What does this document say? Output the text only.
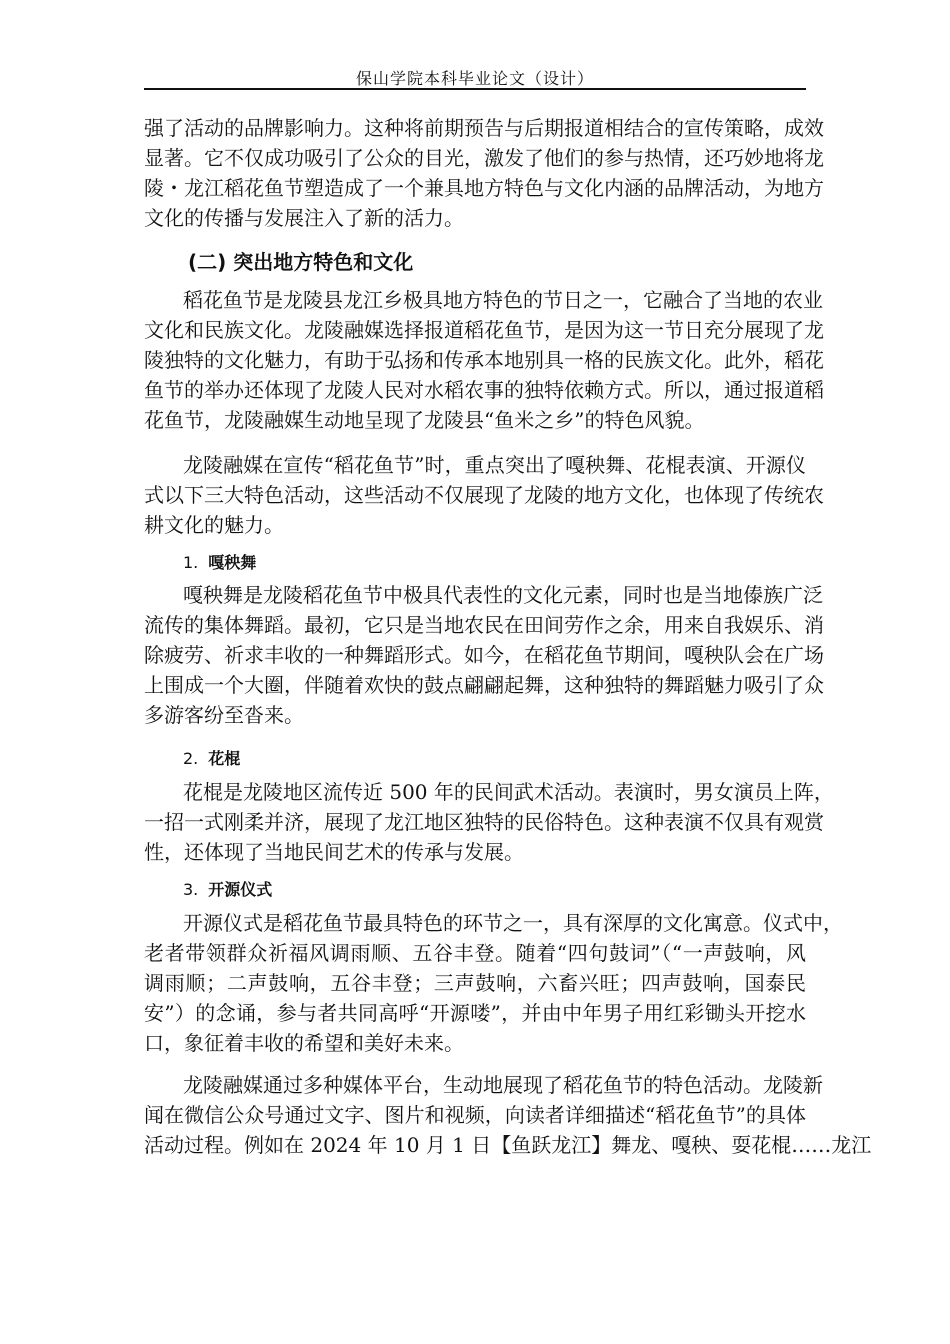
保山学院本科毕业论文（设计）
强了活动的品牌影响力。这种将前期预告与后期报道相结合的宣传策略，成效
显著。它不仅成功吸引了公众的目光，激发了他们的参与热情，还巧妙地将龙
陵・龙江稻花鱼节塑造成了一个兼具地方特色与文化内涵的品牌活动，为地方
文化的传播与发展注入了新的活力。
(二) 突出地方特色和文化
稻花鱼节是龙陵县龙江乡极具地方特色的节日之一，它融合了当地的农业
文化和民族文化。龙陵融媒选择报道稻花鱼节，是因为这一节日充分展现了龙
陵独特的文化魅力，有助于弘扬和传承本地别具一格的民族文化。此外，稻花
鱼节的举办还体现了龙陵人民对水稻农事的独特依赖方式。所以，通过报道稻
花鱼节，龙陵融媒生动地呈现了龙陵县“鱼米之乡”的特色风貌。
龙陵融媒在宣传“稻花鱼节”时，重点突出了嘎秧舞、花棍表演、开源仪
式以下三大特色活动，这些活动不仅展现了龙陵的地方文化，也体现了传统农
耕文化的魅力。
1. 嘎秧舞
嘎秧舞是龙陵稻花鱼节中极具代表性的文化元素，同时也是当地傣族广泛
流传的集体舞蹈。最初，它只是当地农民在田间劳作之余，用来自我娱乐、消
除疲劳、祈求丰收的一种舞蹈形式。如今，在稻花鱼节期间，嘎秧队会在广场
上围成一个大圈，伴随着欢快的鼓点翩翩起舞，这种独特的舞蹈魅力吸引了众
多游客纷至沓来。
2. 花棍
花棍是龙陵地区流传近 500 年的民间武术活动。表演时，男女演员上阵，
一招一式刚柔并济，展现了龙江地区独特的民俗特色。这种表演不仅具有观赏
性，还体现了当地民间艺术的传承与发展。
3. 开源仪式
开源仪式是稻花鱼节最具特色的环节之一，具有深厚的文化寓意。仪式中，
老者带领群众祈福风调雨顺、五谷丰登。随着“四句鼓词”（“一声鼓响，风
调雨顺；二声鼓响，五谷丰登；三声鼓响，六畜兴旺；四声鼓响，国泰民
安”）的念诵，参与者共同高呼“开源喽”，并由中年男子用红彩锄头开挖水
口，象征着丰收的希望和美好未来。
龙陵融媒通过多种媒体平台，生动地展现了稻花鱼节的特色活动。龙陵新
闻在微信公众号通过文字、图片和视频，向读者详细描述“稻花鱼节”的具体
活动过程。例如在 2024 年 10 月 1 日【鱼跃龙江】舞龙、嘎秧、耍花棍……龙江
